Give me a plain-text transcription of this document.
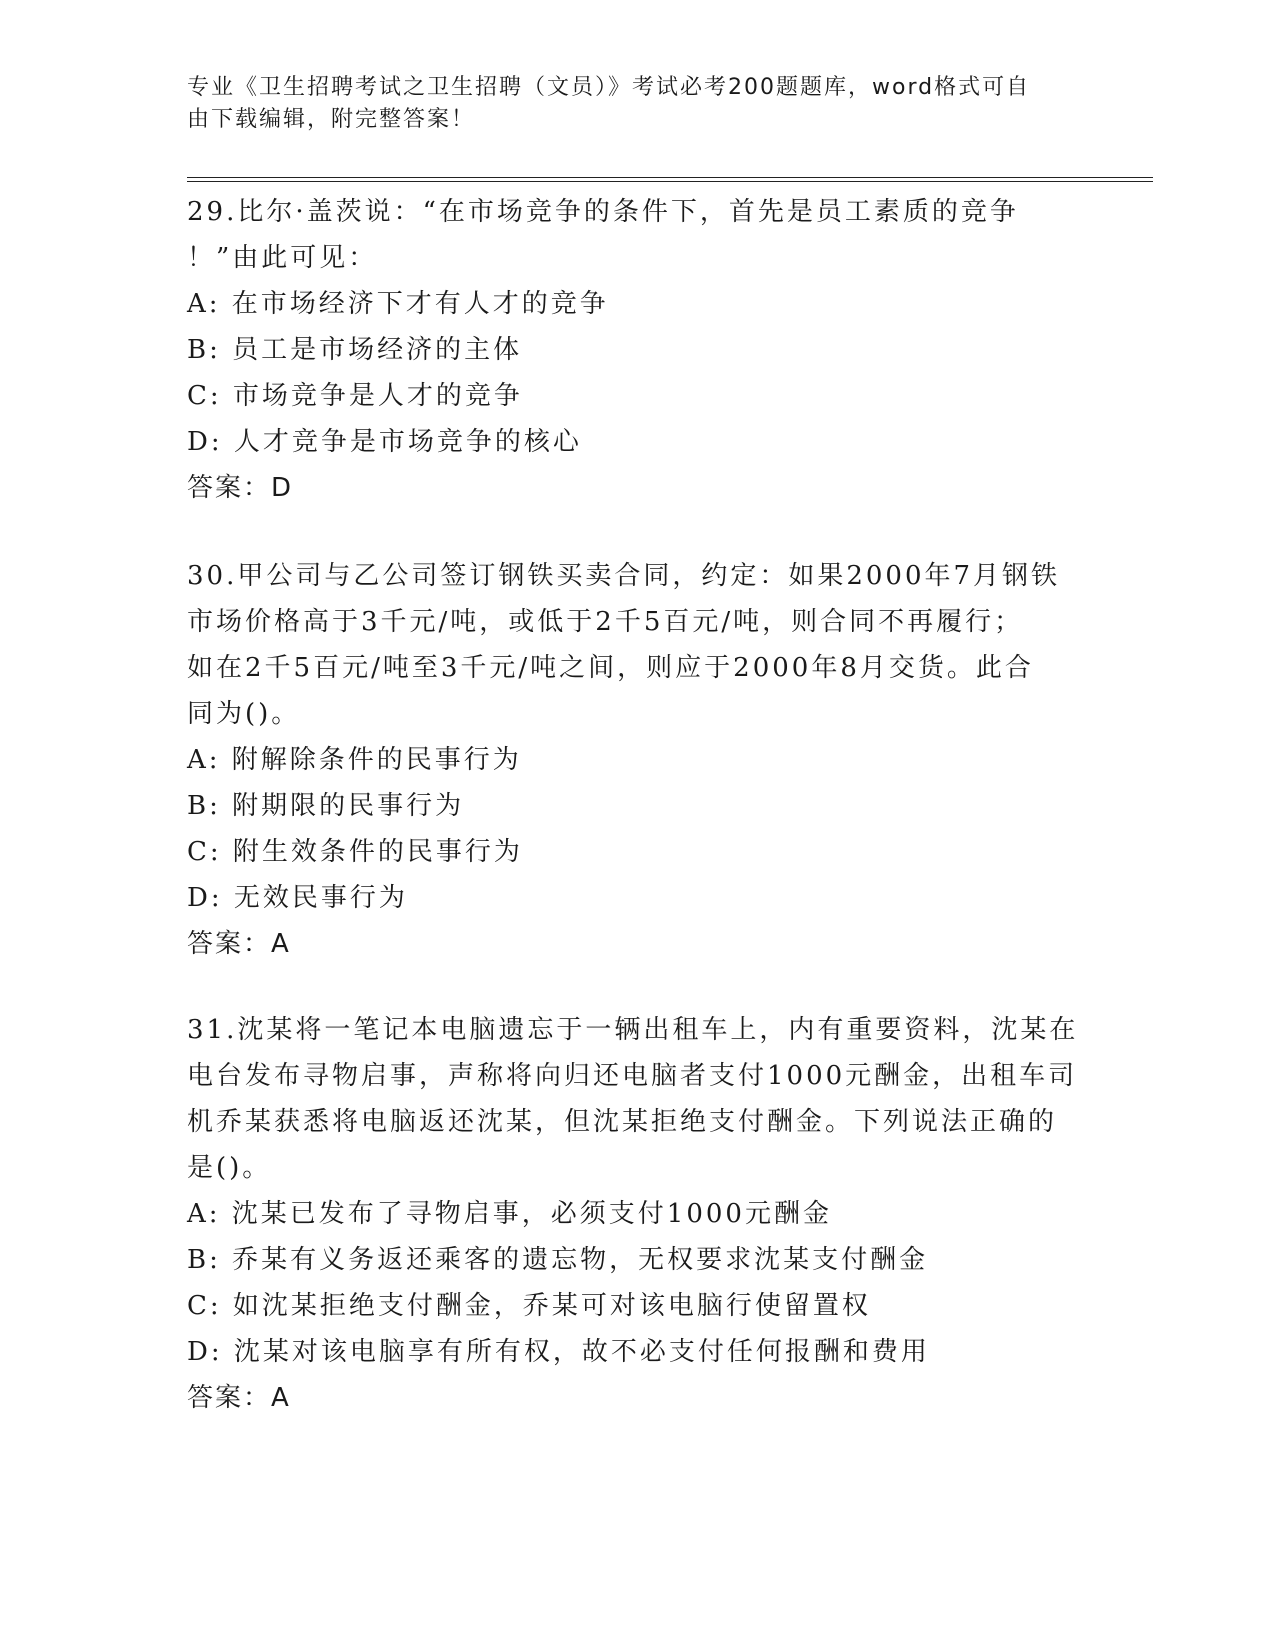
专业《卫生招聘考试之卫生招聘（文员）》考试必考200题题库，word格式可自
由下载编辑，附完整答案！

29.比尔·盖茨说：“在市场竞争的条件下，首先是员工素质的竞争

！”由此可见：

A: 在市场经济下才有人才的竞争

B: 员工是市场经济的主体

C: 市场竞争是人才的竞争

D: 人才竞争是市场竞争的核心

答案：D

30.甲公司与乙公司签订钢铁买卖合同，约定：如果2000年7月钢铁

市场价格高于3千元/吨，或低于2千5百元/吨，则合同不再履行；

如在2千5百元/吨至3千元/吨之间，则应于2000年8月交货。此合

同为()。

A: 附解除条件的民事行为

B: 附期限的民事行为

C: 附生效条件的民事行为

D: 无效民事行为

答案：A

31.沈某将一笔记本电脑遗忘于一辆出租车上，内有重要资料，沈某在

电台发布寻物启事，声称将向归还电脑者支付1000元酬金，出租车司

机乔某获悉将电脑返还沈某，但沈某拒绝支付酬金。下列说法正确的

是()。

A: 沈某已发布了寻物启事，必须支付1000元酬金

B: 乔某有义务返还乘客的遗忘物，无权要求沈某支付酬金

C: 如沈某拒绝支付酬金，乔某可对该电脑行使留置权

D: 沈某对该电脑享有所有权，故不必支付任何报酬和费用

答案：A
